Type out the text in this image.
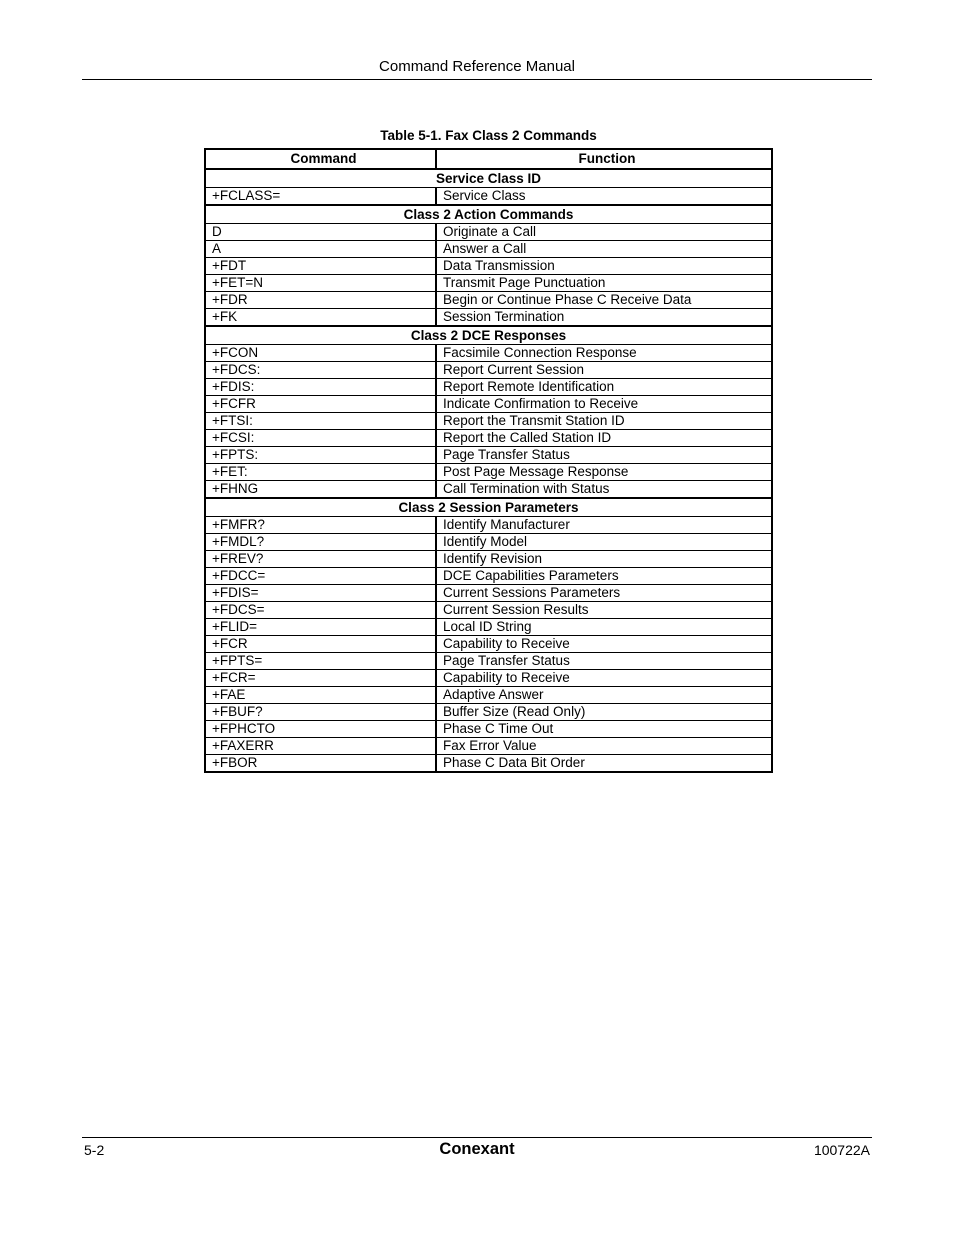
Command Reference Manual
Table 5-1. Fax Class 2 Commands
Command	Function
Service Class ID	
+FCLASS=	Service Class
Class 2 Action Commands	
D	Originate a Call
A	Answer a Call
+FDT	Data Transmission
+FET=N	Transmit Page Punctuation
+FDR	Begin or Continue Phase C Receive Data
+FK	Session Termination
Class 2 DCE Responses	
+FCON	Facsimile Connection Response
+FDCS:	Report Current Session
+FDIS:	Report Remote Identification
+FCFR	Indicate Confirmation to Receive
+FTSI:	Report the Transmit Station ID
+FCSI:	Report the Called Station ID
+FPTS:	Page Transfer Status
+FET:	Post Page Message Response
+FHNG	Call Termination with Status
Class 2 Session Parameters	
+FMFR?	Identify Manufacturer
+FMDL?	Identify Model
+FREV?	Identify Revision
+FDCC=	DCE Capabilities Parameters
+FDIS=	Current Sessions Parameters
+FDCS=	Current Session Results
+FLID=	Local ID String
+FCR	Capability to Receive
+FPTS=	Page Transfer Status
+FCR=	Capability to Receive
+FAE	Adaptive Answer
+FBUF?	Buffer Size (Read Only)
+FPHCTO	Phase C Time Out
+FAXERR	Fax Error Value
+FBOR	Phase C Data Bit Order
5-2	Conexant	100722A
